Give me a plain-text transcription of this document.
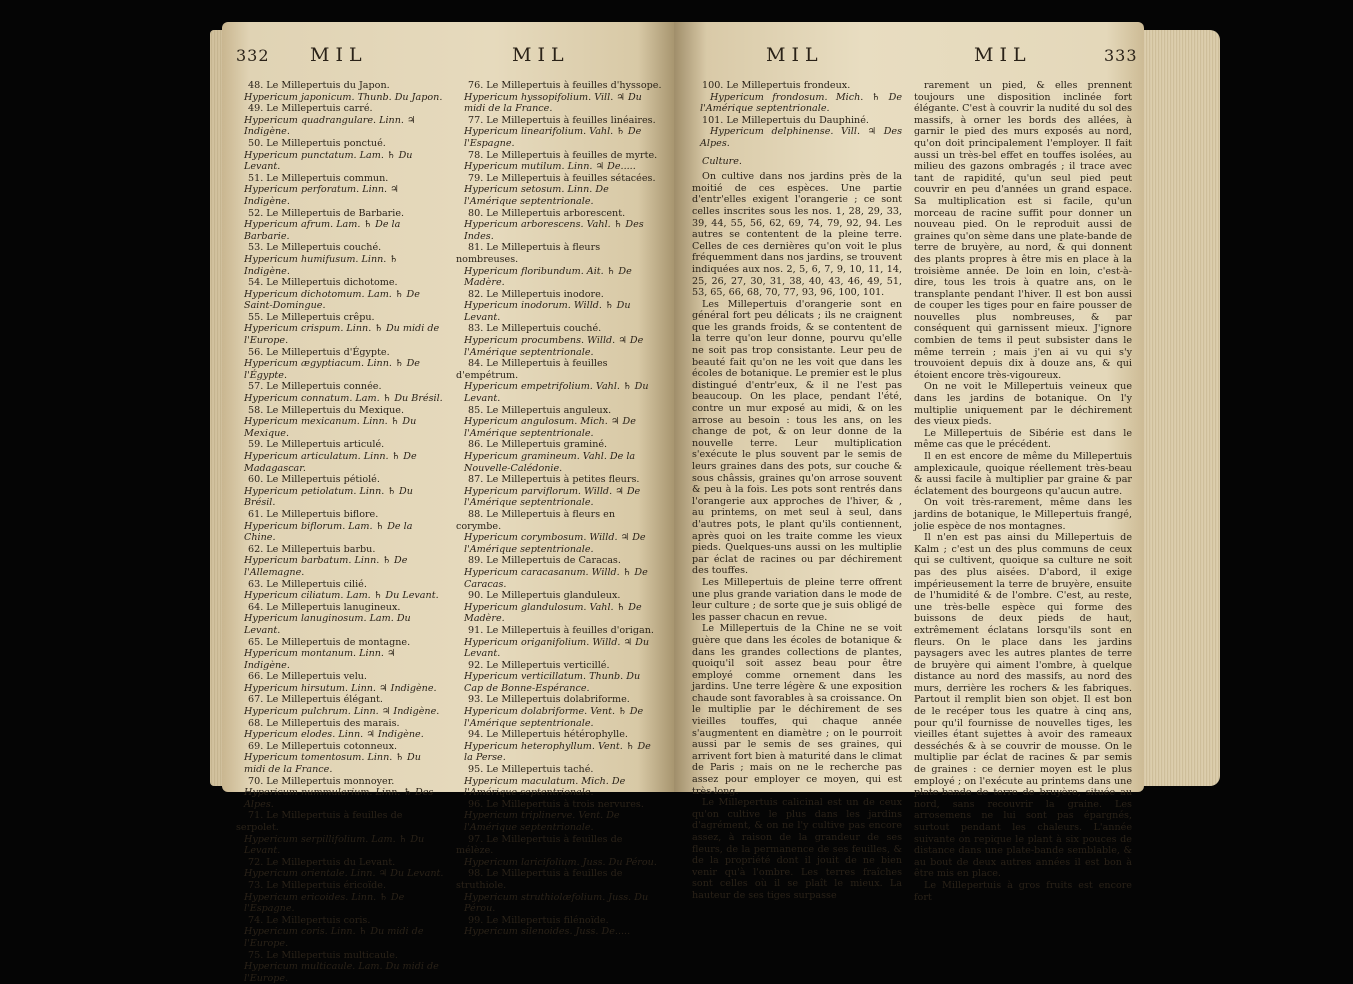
332 MIL	MIL

48. Le Millepertuis du Japon.

Hypericum japonicum. Thunb. Du Japon.

49. Le Millepertuis carré.

Hypericum quadrangulare. Linn. ♃ Indigène.

50. Le Millepertuis ponctué.

Hypericum punctatum. Lam. ♄ Du Levant.

51. Le Millepertuis commun.

Hypericum perforatum. Linn. ♃ Indigène.

52. Le Millepertuis de Barbarie.

Hypericum afrum. Lam. ♄ De la Barbarie.

53. Le Millepertuis couché.

Hypericum humifusum. Linn. ♄ Indigène.

54. Le Millepertuis dichotome.

Hypericum dichotomum. Lam. ♄ De Saint-Domingue.

55. Le Millepertuis crêpu.

Hypericum crispum. Linn. ♄ Du midi de l'Europe.

56. Le Millepertuis d'Égypte.

Hypericum ægyptiacum. Linn. ♄ De l'Égypte.

57. Le Millepertuis connée.

Hypericum connatum. Lam. ♄ Du Brésil.

58. Le Millepertuis du Mexique.

Hypericum mexicanum. Linn. ♄ Du Mexique.

59. Le Millepertuis articulé.

Hypericum articulatum. Linn. ♄ De Madagascar.

60. Le Millepertuis pétiolé.

Hypericum petiolatum. Linn. ♄ Du Brésil.

61. Le Millepertuis biflore.

Hypericum biflorum. Lam. ♄ De la Chine.

62. Le Millepertuis barbu.

Hypericum barbatum. Linn. ♄ De l'Allemagne.

63. Le Millepertuis cilié.

Hypericum ciliatum. Lam. ♄ Du Levant.

64. Le Millepertuis lanugineux.

Hypericum lanuginosum. Lam. Du Levant.

65. Le Millepertuis de montagne.

Hypericum montanum. Linn. ♃ Indigène.

66. Le Millepertuis velu.

Hypericum hirsutum. Linn. ♃ Indigène.

67. Le Millepertuis élégant.

Hypericum pulchrum. Linn. ♃ Indigène.

68. Le Millepertuis des marais.

Hypericum elodes. Linn. ♃ Indigène.

69. Le Millepertuis cotonneux.

Hypericum tomentosum. Linn. ♄ Du midi de la France.

70. Le Millepertuis monnoyer.

Hypericum nummularium. Linn. ♄ Des Alpes.

71. Le Millepertuis à feuilles de serpolet.

Hypericum serpillifolium. Lam. ♄ Du Levant.

72. Le Millepertuis du Levant.

Hypericum orientale. Linn. ♃ Du Levant.

73. Le Millepertuis éricoïde.

Hypericum ericoides. Linn. ♄ De l'Espagne.

74. Le Millepertuis coris.

Hypericum coris. Linn. ♄ Du midi de l'Europe.

75. Le Millepertuis multicaule.

Hypericum multicaule. Lam. Du midi de l'Europe.

76. Le Millepertuis à feuilles d'hyssope.

Hypericum hyssopifolium. Vill. ♃ Du midi de la France.

77. Le Millepertuis à feuilles linéaires.

Hypericum linearifolium. Vahl. ♄ De l'Espagne.

78. Le Millepertuis à feuilles de myrte.

Hypericum mutilum. Linn. ♃ De.....

79. Le Millepertuis à feuilles sétacées.

Hypericum setosum. Linn. De l'Amérique septentrionale.

80. Le Millepertuis arborescent.

Hypericum arborescens. Vahl. ♄ Des Indes.

81. Le Millepertuis à fleurs nombreuses.

Hypericum floribundum. Ait. ♄ De Madère.

82. Le Millepertuis inodore.

Hypericum inodorum. Willd. ♄ Du Levant.

83. Le Millepertuis couché.

Hypericum procumbens. Willd. ♃ De l'Amérique septentrionale.

84. Le Millepertuis à feuilles d'empétrum.

Hypericum empetrifolium. Vahl. ♄ Du Levant.

85. Le Millepertuis anguleux.

Hypericum angulosum. Mich. ♃ De l'Amérique septentrionale.

86. Le Millepertuis graminé.

Hypericum gramineum. Vahl. De la Nouvelle-Calédonie.

87. Le Millepertuis à petites fleurs.

Hypericum parviflorum. Willd. ♃ De l'Amérique septentrionale.

88. Le Millepertuis à fleurs en corymbe.

Hypericum corymbosum. Willd. ♃ De l'Amérique septentrionale.

89. Le Millepertuis de Caracas.

Hypericum caracasanum. Willd. ♄ De Caracas.

90. Le Millepertuis glanduleux.

Hypericum glandulosum. Vahl. ♄ De Madère.

91. Le Millepertuis à feuilles d'origan.

Hypericum origanifolium. Willd. ♃ Du Levant.

92. Le Millepertuis verticillé.

Hypericum verticillatum. Thunb. Du Cap de Bonne-Espérance.

93. Le Millepertuis dolabriforme.

Hypericum dolabriforme. Vent. ♄ De l'Amérique septentrionale.

94. Le Millepertuis hétérophylle.

Hypericum heterophyllum. Vent. ♄ De la Perse.

95. Le Millepertuis taché.

Hypericum maculatum. Mich. De l'Amérique septentrionale.

96. Le Millepertuis à trois nervures.

Hypericum triplinerve. Vent. De l'Amérique septentrionale.

97. Le Millepertuis à feuilles de mélèze.

Hypericum laricifolium. Juss. Du Pérou.

98. Le Millepertuis à feuilles de struthiole.

Hypericum struthiolæfolium. Juss. Du Pérou.

99. Le Millepertuis filénoïde.

Hypericum silenoides. Juss. De.....

MIL	MIL	333

100. Le Millepertuis frondeux.

Hypericum frondosum. Mich. ♄ De l'Amérique septentrionale.

101. Le Millepertuis du Dauphiné.

Hypericum delphinense. Vill. ♃ Des Alpes.

Culture.

On cultive dans nos jardins près de la moitié de ces espèces. Une partie d'entr'elles exigent l'orangerie ; ce sont celles inscrites sous les nos. 1, 28, 29, 33, 39, 44, 55, 56, 62, 69, 74, 79, 92, 94. Les autres se contentent de la pleine terre. Celles de ces dernières qu'on voit le plus fréquemment dans nos jardins, se trouvent indiquées aux nos. 2, 5, 6, 7, 9, 10, 11, 14, 25, 26, 27, 30, 31, 38, 40, 43, 46, 49, 51, 53, 65, 66, 68, 70, 77, 93, 96, 100, 101.

Les Millepertuis d'orangerie sont en général fort peu délicats ; ils ne craignent que les grands froids, & se contentent de la terre qu'on leur donne, pourvu qu'elle ne soit pas trop consistante. Leur peu de beauté fait qu'on ne les voit que dans les écoles de botanique. Le premier est le plus distingué d'entr'eux, & il ne l'est pas beaucoup. On les place, pendant l'été, contre un mur exposé au midi, & on les arrose au besoin : tous les ans, on les change de pot, & on leur donne de la nouvelle terre. Leur multiplication s'exécute le plus souvent par le semis de leurs graines dans des pots, sur couche & sous châssis, graines qu'on arrose souvent & peu à la fois. Les pots sont rentrés dans l'orangerie aux approches de l'hiver, & , au printems, on met seul à seul, dans d'autres pots, le plant qu'ils contiennent, après quoi on les traite comme les vieux pieds. Quelques-uns aussi on les multiplie par éclat de racines ou par déchirement des touffes.

Les Millepertuis de pleine terre offrent une plus grande variation dans le mode de leur culture ; de sorte que je suis obligé de les passer chacun en revue.

Le Millepertuis de la Chine ne se voit guère que dans les écoles de botanique & dans les grandes collections de plantes, quoiqu'il soit assez beau pour être employé comme ornement dans les jardins. Une terre légère & une exposition chaude sont favorables à sa croissance. On le multiplie par le déchirement de ses vieilles touffes, qui chaque année s'augmentent en diamètre ; on le pourroit aussi par le semis de ses graines, qui arrivent fort bien à maturité dans le climat de Paris ; mais on ne le recherche pas assez pour employer ce moyen, qui est très-long.

Le Millepertuis calicinal est un de ceux qu'on cultive le plus dans les jardins d'agrément, & on ne l'y cultive pas encore assez, à raison de la grandeur de ses fleurs, de la permanence de ses feuilles, & de la propriété dont il jouit de ne bien venir qu'à l'ombre. Les terres fraîches sont celles où il se plaît le mieux. La hauteur de ses tiges surpasse

rarement un pied, & elles prennent toujours une disposition inclinée fort élégante. C'est à couvrir la nudité du sol des massifs, à orner les bords des allées, à garnir le pied des murs exposés au nord, qu'on doit principalement l'employer. Il fait aussi un très-bel effet en touffes isolées, au milieu des gazons ombragés ; il trace avec tant de rapidité, qu'un seul pied peut couvrir en peu d'années un grand espace. Sa multiplication est si facile, qu'un morceau de racine suffit pour donner un nouveau pied. On le reproduit aussi de graines qu'on sème dans une plate-bande de terre de bruyère, au nord, & qui donnent des plants propres à être mis en place à la troisième année. De loin en loin, c'est-à-dire, tous les trois à quatre ans, on le transplante pendant l'hiver. Il est bon aussi de couper les tiges pour en faire pousser de nouvelles plus nombreuses, & par conséquent qui garnissent mieux. J'ignore combien de tems il peut subsister dans le même terrein ; mais j'en ai vu qui s'y trouvoient depuis dix à douze ans, & qui étoient encore très-vigoureux.

On ne voit le Millepertuis veineux que dans les jardins de botanique. On l'y multiplie uniquement par le déchirement des vieux pieds.

Le Millepertuis de Sibérie est dans le même cas que le précédent.

Il en est encore de même du Millepertuis amplexicaule, quoique réellement très-beau & aussi facile à multiplier par graine & par éclatement des bourgeons qu'aucun autre.

On voit très-rarement, même dans les jardins de botanique, le Millepertuis frangé, jolie espèce de nos montagnes.

Il n'en est pas ainsi du Millepertuis de Kalm ; c'est un des plus communs de ceux qui se cultivent, quoique sa culture ne soit pas des plus aisées. D'abord, il exige impérieusement la terre de bruyère, ensuite de l'humidité & de l'ombre. C'est, au reste, une très-belle espèce qui forme des buissons de deux pieds de haut, extrêmement éclatans lorsqu'ils sont en fleurs. On le place dans les jardins paysagers avec les autres plantes de terre de bruyère qui aiment l'ombre, à quelque distance au nord des massifs, au nord des murs, derrière les rochers & les fabriques. Partout il remplit bien son objet. Il est bon de le recéper tous les quatre à cinq ans, pour qu'il fournisse de nouvelles tiges, les vieilles étant sujettes à avoir des rameaux desséchés & à se couvrir de mousse. On le multiplie par éclat de racines & par semis de graines : ce dernier moyen est le plus employé ; on l'exécute au printems dans une plate-bande de terre de bruyère, située au nord, sans recouvrir la graine. Les arrosemens ne lui sont pas épargnés, surtout pendant les chaleurs. L'année suivante on repique le plant à six pouces de distance dans une plate-bande semblable, & au bout de deux autres années il est bon à être mis en place.

Le Millepertuis à gros fruits est encore fort
